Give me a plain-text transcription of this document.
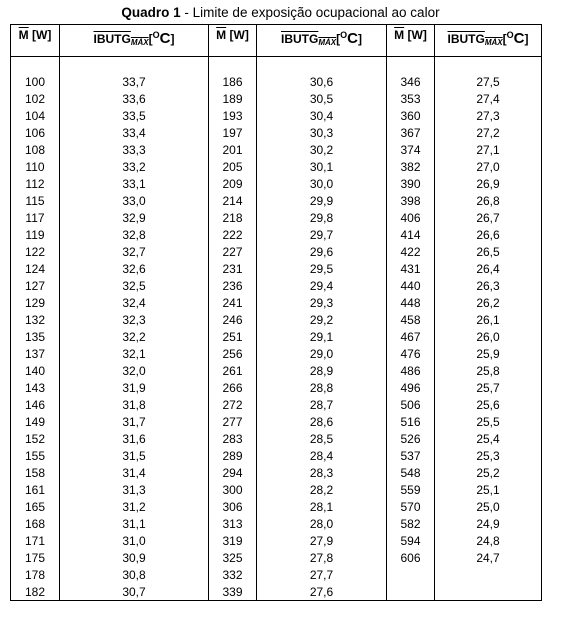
Quadro 1 - Limite de exposição ocupacional ao calor
$\overline{M}$ [W]	$IBUTG_{\overline{MÁX}}[^OC]$	$\overline{M}$ [W]	$IBUTG_{\overline{MÁX}}[^OC]$	$\overline{M}$ [W]	$IBUTG_{\overline{MÁX}}[^OC]$

100	33,7	186	30,6	346	27,5
102	33,6	189	30,5	353	27,4
104	33,5	193	30,4	360	27,3
106	33,4	197	30,3	367	27,2
108	33,3	201	30,2	374	27,1
110	33,2	205	30,1	382	27,0
112	33,1	209	30,0	390	26,9
115	33,0	214	29,9	398	26,8
117	32,9	218	29,8	406	26,7
119	32,8	222	29,7	414	26,6
122	32,7	227	29,6	422	26,5
124	32,6	231	29,5	431	26,4
127	32,5	236	29,4	440	26,3
129	32,4	241	29,3	448	26,2
132	32,3	246	29,2	458	26,1
135	32,2	251	29,1	467	26,0
137	32,1	256	29,0	476	25,9
140	32,0	261	28,9	486	25,8
143	31,9	266	28,8	496	25,7
146	31,8	272	28,7	506	25,6
149	31,7	277	28,6	516	25,5
152	31,6	283	28,5	526	25,4
155	31,5	289	28,4	537	25,3
158	31,4	294	28,3	548	25,2
161	31,3	300	28,2	559	25,1
165	31,2	306	28,1	570	25,0
168	31,1	313	28,0	582	24,9
171	31,0	319	27,9	594	24,8
175	30,9	325	27,8	606	24,7
178	30,8	332	27,7		
182	30,7	339	27,6		
